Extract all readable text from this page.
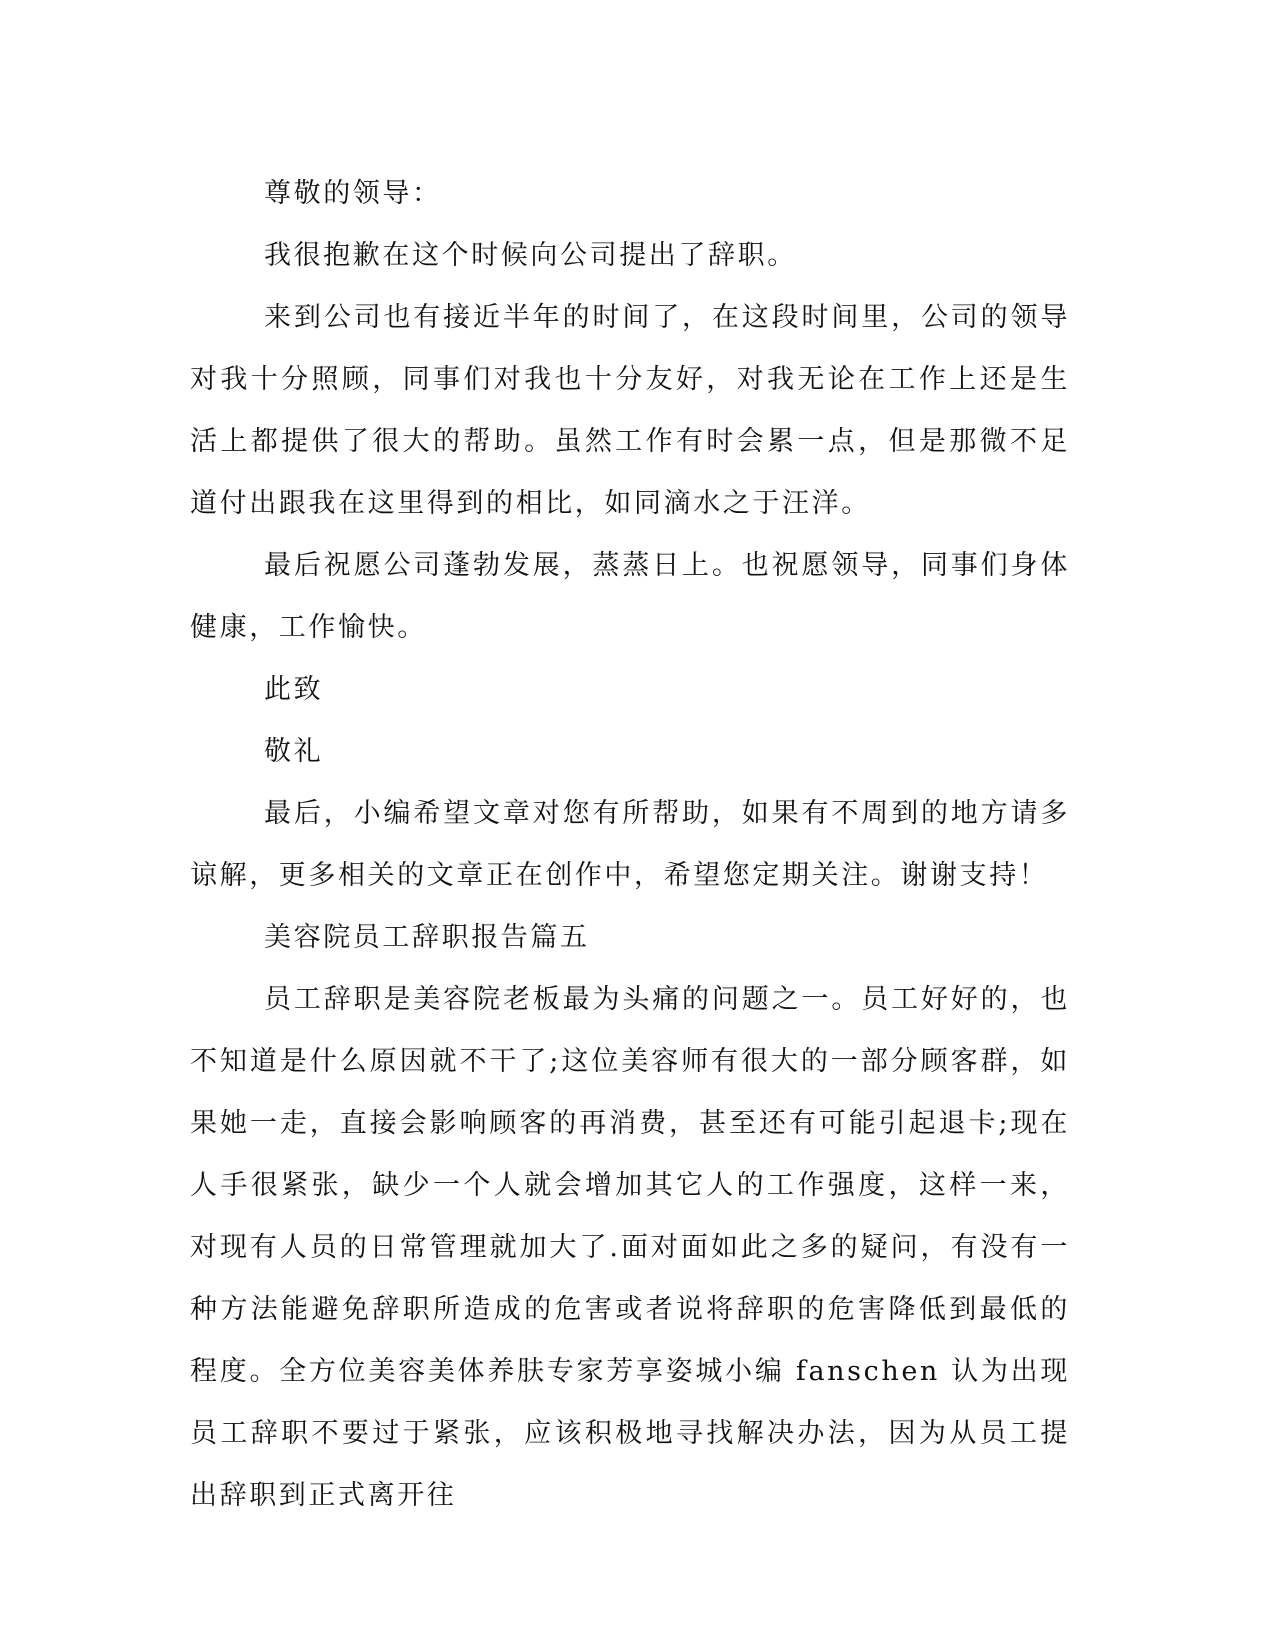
尊敬的领导：

我很抱歉在这个时候向公司提出了辞职。

来到公司也有接近半年的时间了，在这段时间里，公司的领导对我十分照顾，同事们对我也十分友好，对我无论在工作上还是生活上都提供了很大的帮助。虽然工作有时会累一点，但是那微不足道付出跟我在这里得到的相比，如同滴水之于汪洋。

最后祝愿公司蓬勃发展，蒸蒸日上。也祝愿领导，同事们身体健康，工作愉快。

此致

敬礼

最后，小编希望文章对您有所帮助，如果有不周到的地方请多谅解，更多相关的文章正在创作中，希望您定期关注。谢谢支持！

美容院员工辞职报告篇五

员工辞职是美容院老板最为头痛的问题之一。员工好好的，也不知道是什么原因就不干了;这位美容师有很大的一部分顾客群，如果她一走，直接会影响顾客的再消费，甚至还有可能引起退卡;现在人手很紧张，缺少一个人就会增加其它人的工作强度，这样一来，对现有人员的日常管理就加大了.面对面如此之多的疑问，有没有一种方法能避免辞职所造成的危害或者说将辞职的危害降低到最低的程度。全方位美容美体养肤专家芳享姿城小编 fanschen 认为出现员工辞职不要过于紧张，应该积极地寻找解决办法，因为从员工提出辞职到正式离开往
